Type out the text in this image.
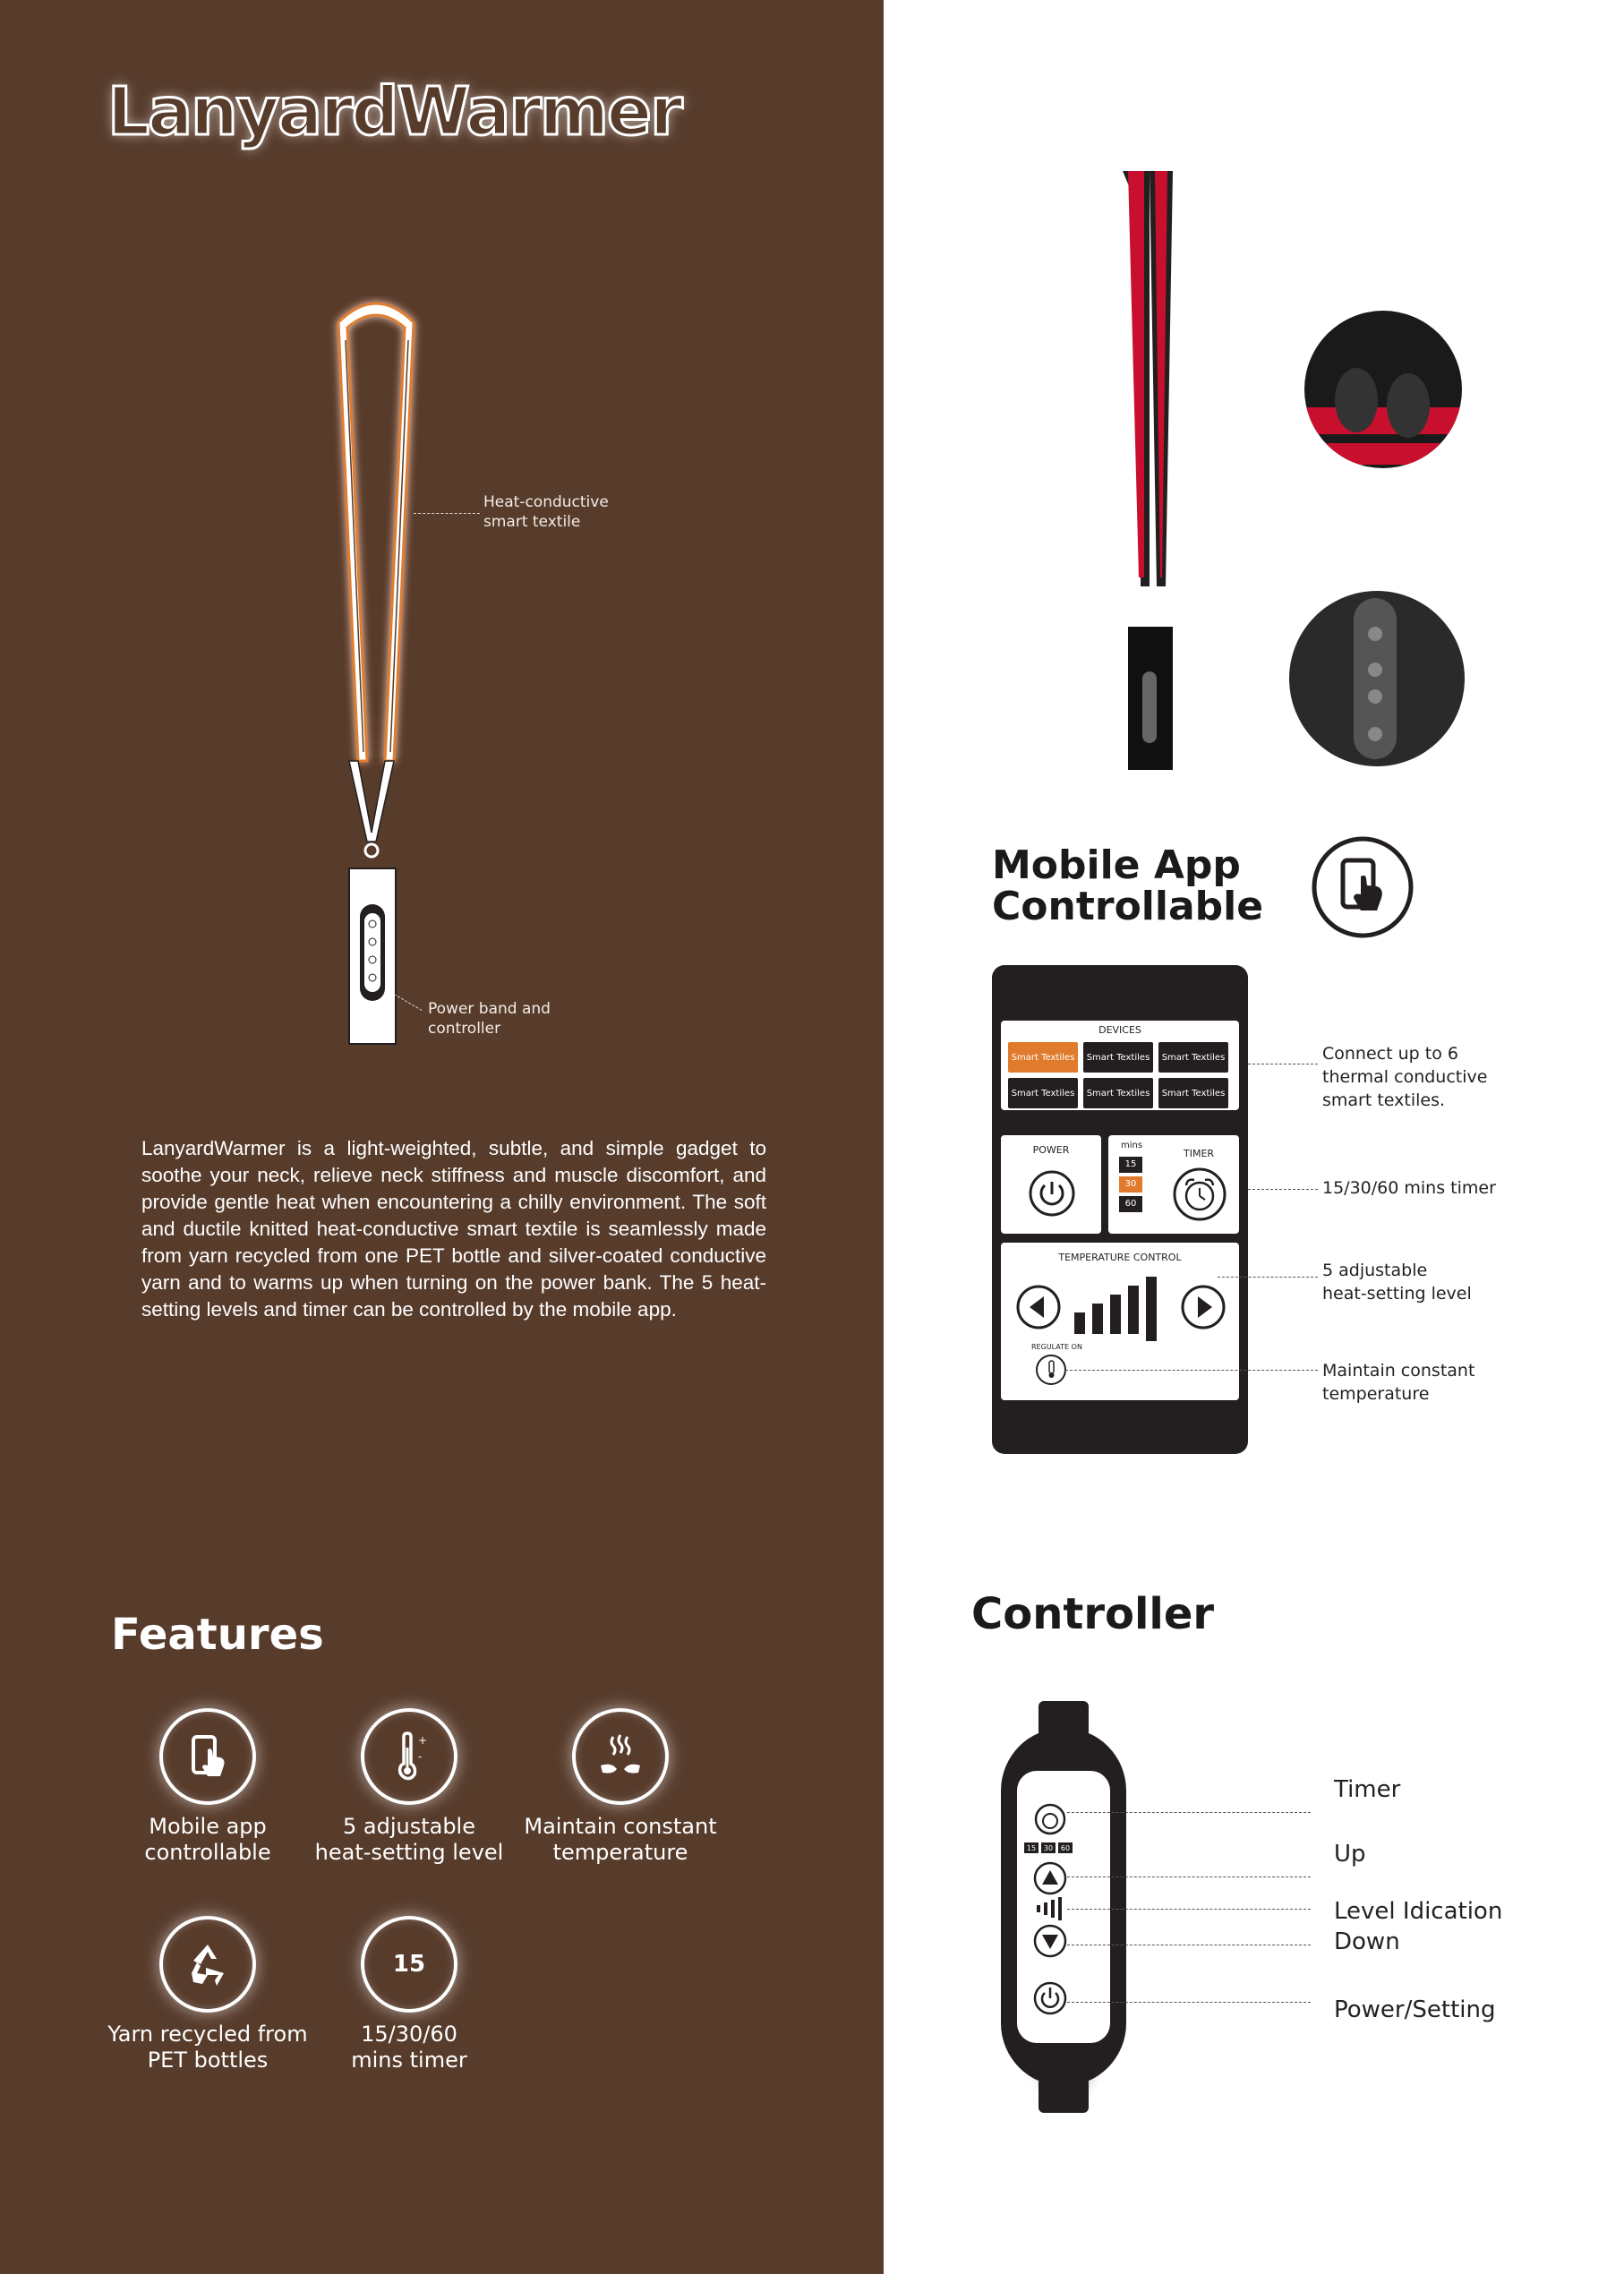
LanyardWarmer
Heat-conductive
smart textile
Power band and
controller
LanyardWarmer is a light-weighted, subtle, and simple gadget to soothe your neck, relieve neck stiffness and muscle discomfort, and provide gentle heat when encountering a chilly environment. The soft and ductile knitted heat-conductive smart textile is seamlessly made from yarn recycled from one PET bottle and silver-coated conductive yarn and to warms up when turning on the power bank. The 5 heat-setting levels and timer can be controlled by the mobile app.
Features
Mobile app
controllable
+
-
5 adjustable
heat-setting level
Maintain constant
temperature
Yarn recycled from
PET bottles
15
15/30/60
mins timer
Mobile App
Controllable
DEVICES
Smart Textiles	Smart Textiles	Smart Textiles
Smart Textiles	Smart Textiles	Smart Textiles
POWER	mins
TIMER
15
30
60
TEMPERATURE CONTROL
REGULATE ON
Connect up to 6
thermal conductive
smart textiles.
15/30/60 mins timer
5 adjustable
heat-setting level
Maintain constant
temperature
Controller
15 30 60
Timer
Up
Level Idication
Down
Power/Setting
